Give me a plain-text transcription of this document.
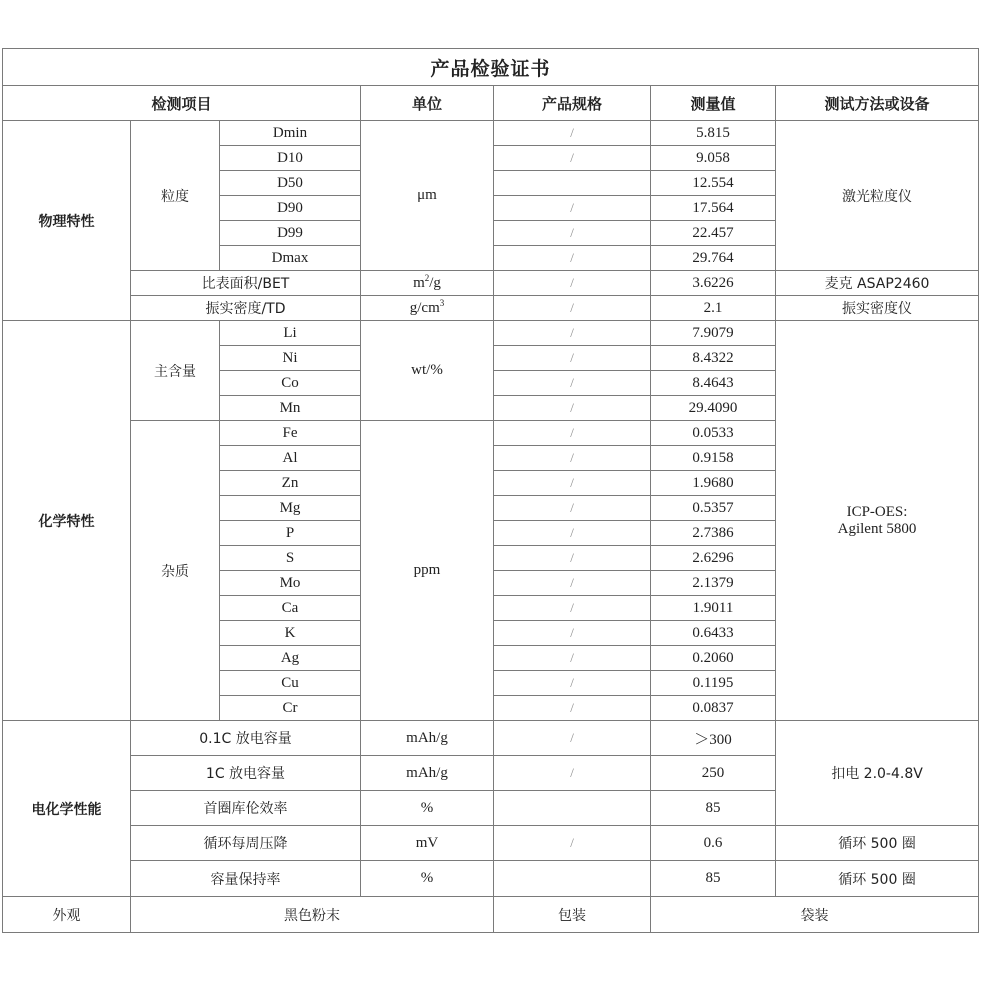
产品检验证书						
检测项目			单位	产品规格	测量值	测试方法或设备
物理特性	粒度	Dmin	μm	/	5.815	激光粒度仪
		D10		/	9.058	
		D50			12.554	
		D90		/	17.564	
		D99		/	22.457	
		Dmax		/	29.764	
	比表面积/BET		$m^2/g$	/	3.6226	麦克 ASAP2460
	振实密度/TD		$g/cm^3$	/	2.1	振实密度仪
化学特性	主含量	Li	wt/%	/	7.9079	ICP-OES:
Agilent 5800

		Ni		/	8.4322	
		Co		/	8.4643	
		Mn		/	29.4090	
	杂质	Fe	ppm	/	0.0533	
		Al		/	0.9158	
		Zn		/	1.9680	
		Mg		/	0.5357	
		P		/	2.7386	
		S		/	2.6296	
		Mo		/	2.1379	
		Ca		/	1.9011	
		K		/	0.6433	
		Ag		/	0.2060	
		Cu		/	0.1195	
		Cr		/	0.0837	
电化学性能	0.1C 放电容量		mAh/g	/	＞300	扣电 2.0-4.8V
	1C 放电容量		mAh/g	/	250	
	首圈库伦效率		%		85	
	循环每周压降		mV	/	0.6	循环 500 圈
	容量保持率		%		85	循环 500 圈
外观	黑色粉末			包装	袋装	
